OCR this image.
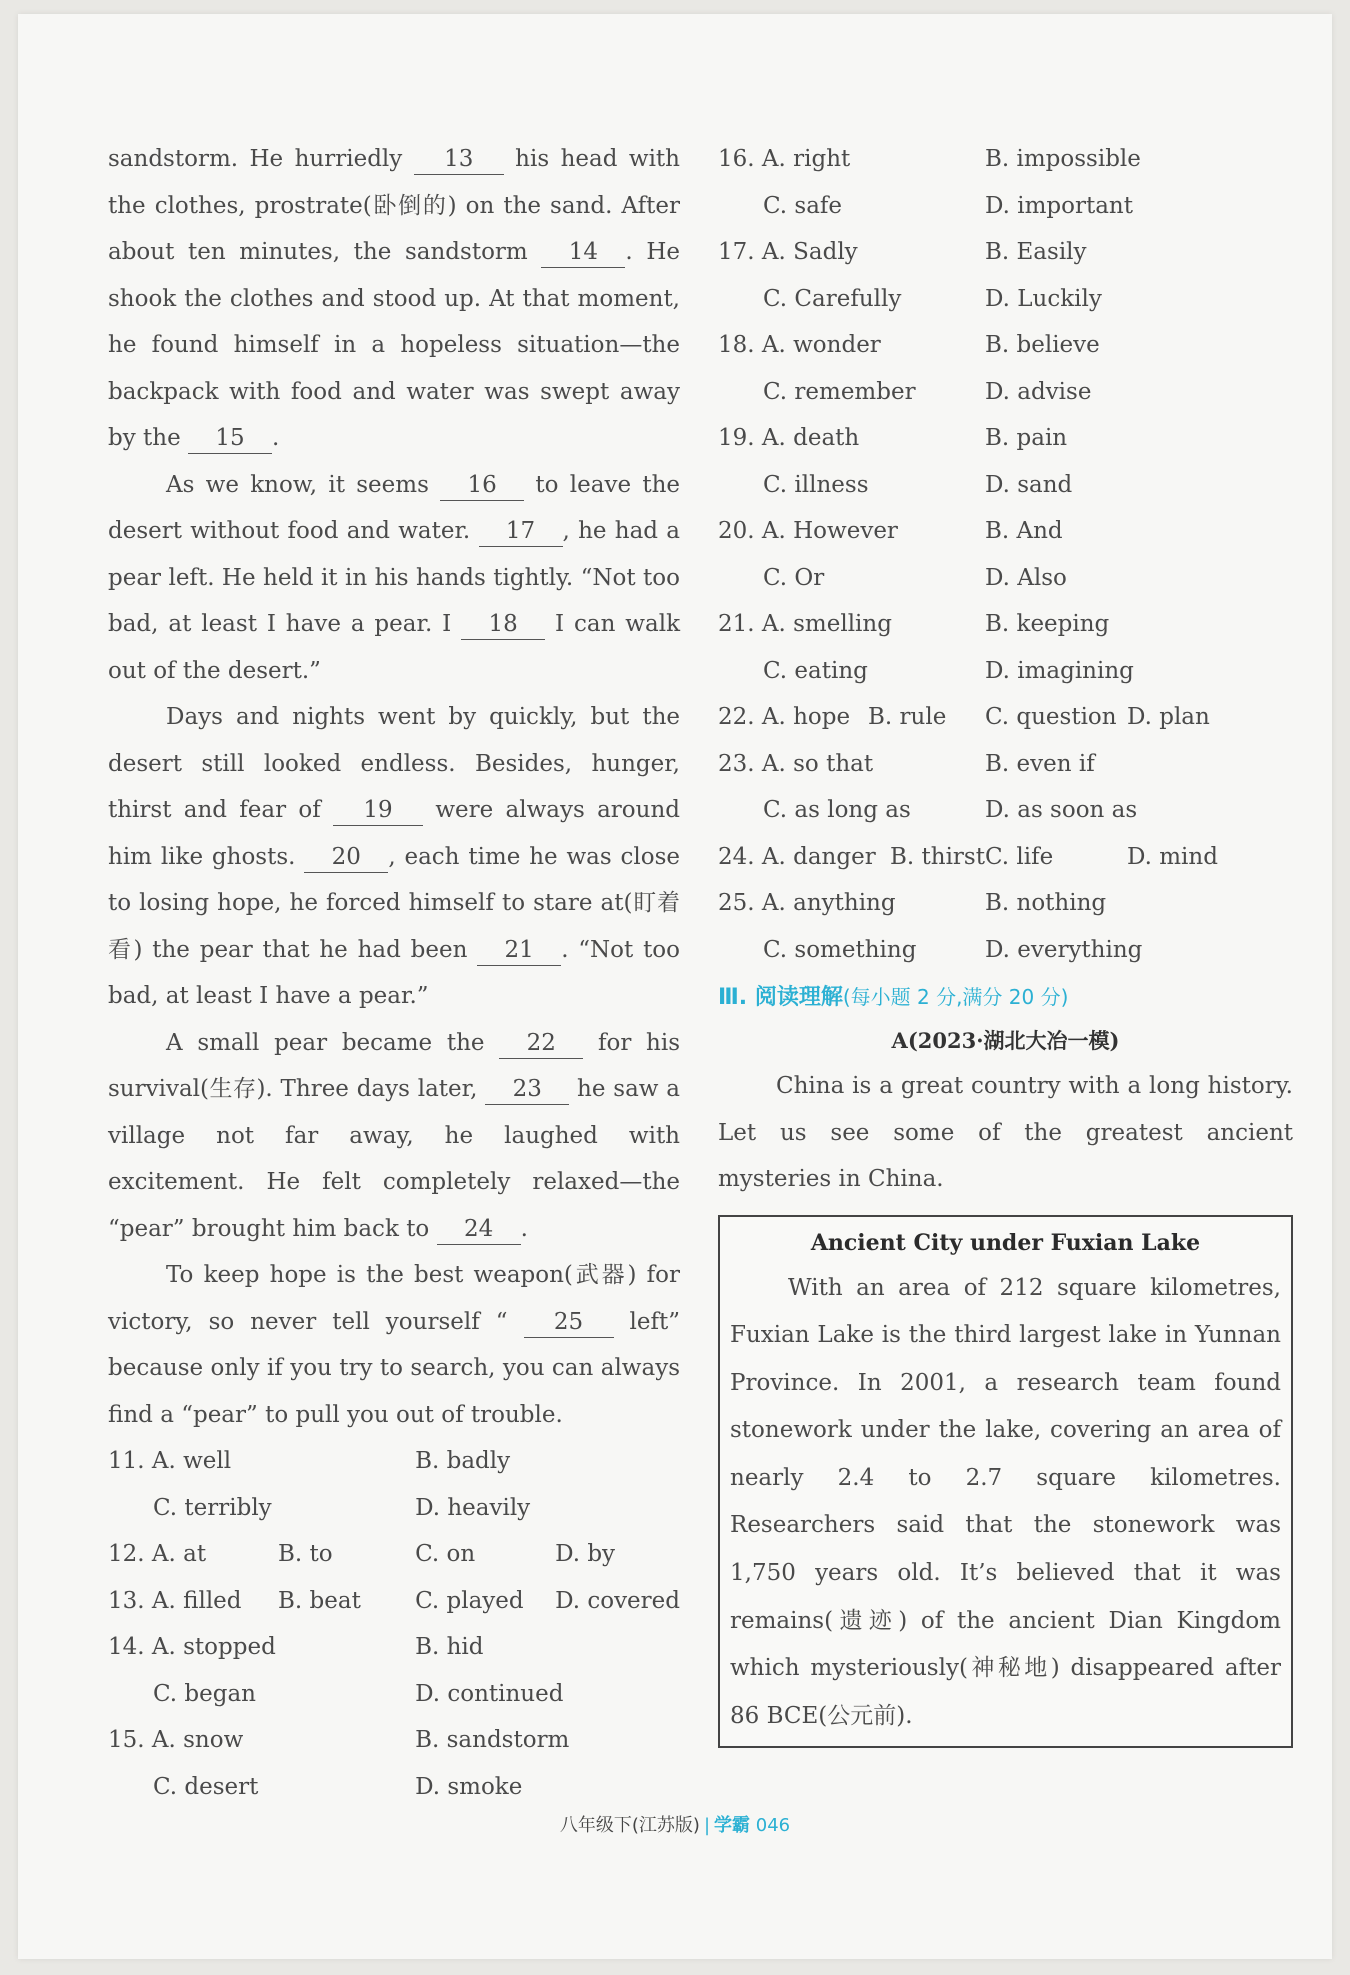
sandstorm. He hurriedly 13 his head with the clothes, prostrate(卧倒的) on the sand. After about ten minutes, the sandstorm 14 . He shook the clothes and stood up. At that moment, he found himself in a hopeless situation—the backpack with food and water was swept away by the 15 .

As we know, it seems 16 to leave the desert without food and water. 17 , he had a pear left. He held it in his hands tightly. “Not too bad, at least I have a pear. I 18 I can walk out of the desert.”

Days and nights went by quickly, but the desert still looked endless. Besides, hunger, thirst and fear of 19 were always around him like ghosts. 20 , each time he was close to losing hope, he forced himself to stare at(盯着看) the pear that he had been 21 . “Not too bad, at least I have a pear.”

A small pear became the 22 for his survival(生存). Three days later, 23 he saw a village not far away, he laughed with excitement. He felt completely relaxed—the “pear” brought him back to 24 .

To keep hope is the best weapon(武器) for victory, so never tell yourself “ 25 left” because only if you try to search, you can always find a “pear” to pull you out of trouble.

11. A. well	B. badly
C. terribly	D. heavily
12. A. at B. to	C. on D. by
13. A. filled B. beat	C. played D. covered
14. A. stopped	B. hid
C. began	D. continued
15. A. snow	B. sandstorm
C. desert	D. smoke
16. A. right	B. impossible
C. safe	D. important
17. A. Sadly	B. Easily
C. Carefully	D. Luckily
18. A. wonder	B. believe
C. remember	D. advise
19. A. death	B. pain
C. illness	D. sand
20. A. However	B. And
C. Or	D. Also
21. A. smelling	B. keeping
C. eating	D. imagining
22. A. hope B. rule	C. question D. plan
23. A. so that	B. even if
C. as long as	D. as soon as
24. A. danger B. thirst	C. life D. mind
25. A. anything	B. nothing
C. something	D. everything
Ⅲ. 阅读理解(每小题 2 分,满分 20 分)
A(2023·湖北大冶一模)

China is a great country with a long history. Let us see some of the greatest ancient mysteries in China.

Ancient City under Fuxian Lake

With an area of 212 square kilometres, Fuxian Lake is the third largest lake in Yunnan Province. In 2001, a research team found stonework under the lake, covering an area of nearly 2.4 to 2.7 square kilometres. Researchers said that the stonework was 1,750 years old. It’s believed that it was remains(遗迹) of the ancient Dian Kingdom which mysteriously(神秘地) disappeared after 86 BCE(公元前).

八年级下(江苏版) | 学霸 046
